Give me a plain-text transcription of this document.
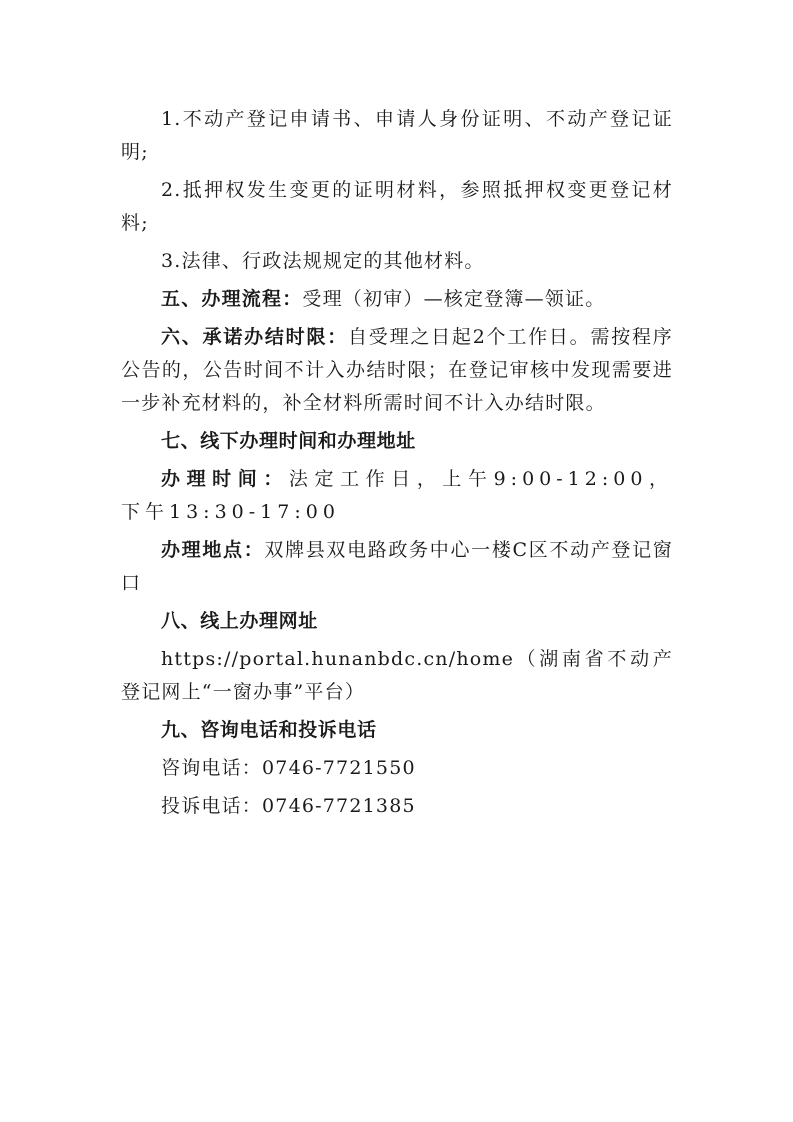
1.不动产登记申请书、申请人身份证明、不动产登记证明;

2.抵押权发生变更的证明材料，参照抵押权变更登记材料;

3.法律、行政法规规定的其他材料。

五、办理流程：受理（初审）—核定登簿—领证。

六、承诺办结时限：自受理之日起2个工作日。需按程序公告的，公告时间不计入办结时限；在登记审核中发现需要进一步补充材料的，补全材料所需时间不计入办结时限。

七、线下办理时间和办理地址

办理时间：法定工作日，上午9:00-12:00，下午13:30-17:00

办理地点：双牌县双电路政务中心一楼C区不动产登记窗口

八、线上办理网址

https://portal.hunanbdc.cn/home（湖南省不动产登记网上“一窗办事”平台）

九、咨询电话和投诉电话

咨询电话：0746-7721550

投诉电话：0746-7721385
